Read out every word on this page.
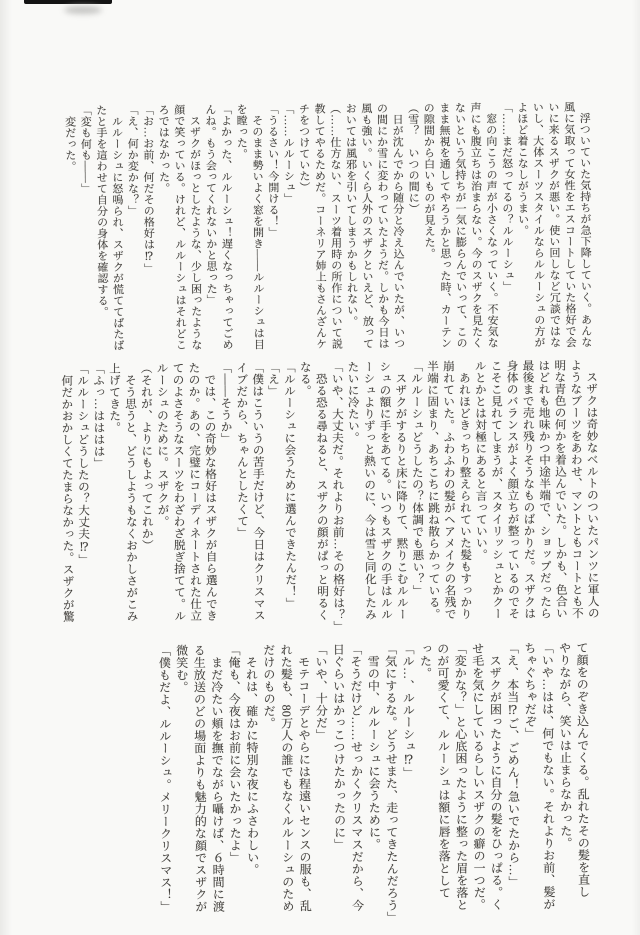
　浮ついていた気持ちが急下降していく。あんな

風に気取って女性をエスコートしていた格好で会

いに来るスザクが悪い。使い回しなど冗談ではな

いし、大体スーツスタイルならルルーシュの方が

よほど着こなしがうまい。

「……まだ怒ってるの？ルルーシュ」

　窓の向こうの声が小さくなっていく。不安気な

声にも腹立ちは治まらない。今のスザクを見たく

ないという気持ちが一気に膨らんでいって、この

まま無視を通してやろうかと思った時、カーテン

の隙間から白いものが見えた。

（雪？　いつの間に）

　日が沈んでから随分と冷え込んでいたが、いつ

の間にか雪に変わっていたようだ。しかも今日は

風も強い。いくら人外のスザクといえど、放って

おいては風邪を引いてしまうかもしれない。

（……仕方ない、スーツ着用時の所作について説

教してやるためだ。コーネリア姉上もさんざんケ

チをつけていた）

「……ルルーシュ」

「うるさい！今開ける！」

　そのまま勢いよく窓を開き——ルルーシュは目

を瞠った。

「よかった、ルルーシュ！遅くなっちゃってごめ

んね。もう会ってくれないかと思った」

　スザクがほっとしたような、少し困ったような

顔で笑っている。けれど、ルルーシュはそれどこ

ろではなかった。

「お…お前、何だその格好は⁉」

「え、何か変かな？」

　ルルーシュに怒鳴られ、スザクが慌ててばたば

たと手を這わせて自分の身体を確認する。

「変も何も——」

　変だった。

　スザクは奇妙なベルトのついたパンツに軍人の

ようなブーツをあわせ、マントともコートとも不

明な青色の何かを着込んでいた。しかも、色合い

はどれも地味かつ中途半端で、ショップだったら

最後まで売れ残りそうなものばかりだ。スザクは

身体のバランスがよく顔立ちが整っているのでそ

こそこ見れてしまうが、スタイリッシュとかクー

ルとかとは対極にあると言っていい。

　あれほどきっちり整えられていた髪もすっかり

崩れていた。ふわふわの髪がヘアメイクの名残で

半端に固まり、あちこちに跳ね散らかっている。

「ルルーシュどうしたの？体調でも悪い？」

　スザクがするりと床に降りて、黙りこむルルー

シュの額に手をあてる。いつもスザクの手はルル

ーシュよりずっと熱いのに、今は雪と同化したみ

たいに冷たい。

「いや、大丈夫だ。それよりお前…その格好は？」

　恐る恐る尋ねると、スザクの顔がぱっと明るく

なる。

「ルルーシュに会うために選んできたんだ！」

「え」

「僕はこういうの苦手だけど、今日はクリスマス

イブだから、ちゃんとしたくて」

「——そうか」

　では、この奇妙な格好はスザクが自ら選んでき

たのか。あの、完璧にコーディネートされた仕立

てのよさそうなスーツをわざわざ脱ぎ捨てて。ル

ルーシュのために。スザクが。

（それが、よりにもよってこれか）

　そう思うと、どうしようもなくおかしさがこみ

上げてきた。

「ふっ…はははは」

「ルルーシュどうしたの？大丈夫⁉」

　何だかおかしくてたまらなかった。スザクが驚

て顔をのぞき込んでくる。乱れたその髪を直し

やりながら、笑いは止まらなかった。

「いや…はは、何でもない。それよりお前、髪が

ちゃぐちゃだぞ」

「え、本当⁉ご、ごめん！急いでたから…」

　スザクが困ったように自分の髪をひっぱる。く

せ毛を気にしているらしいスザクの癖の一つだ。

「変かな？」と心底困ったように整った眉を落と

のが可愛くて、ルルーシュは額に唇を落として

った。

「ル…、ルルーシュ⁉」

「気にするな。どうせまた、走ってきたんだろう」

　雪の中、ルルーシュに会うために。

「そうだけど……せっかくクリスマスだから、今

日ぐらいはかっこつけたかったのに」

「いや、十分だ」

　モテコーデとやらには程遠いセンスの服も、乱

れた髪も、80万人の誰でもなくルルーシュのため

だけのものだ。

　それは、確かに特別な夜にふさわしい。

「俺も、今夜はお前に会いたかったよ」

　まだ冷たい頬を撫でながら囁けば、６時間に渡

る生放送のどの場面よりも魅力的な顔でスザクが

微笑む。

「僕もだよ、ルルーシュ。メリークリスマス！」
